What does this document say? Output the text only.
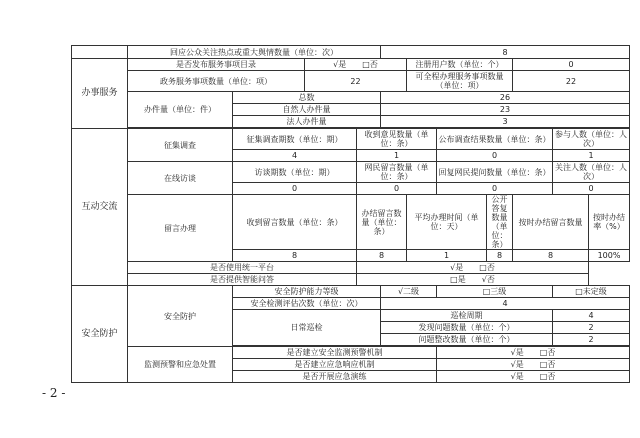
	回应公众关注热点或重大舆情数量（单位：次）				8						
办事服务	是否发布服务事项目录		√是　　□否			注册用户数（单位：个）			0		
	政务服务事项数量（单位：项）		22			可全程办理服务事项数量（单位：项）			22		
	办件量（单位：件）	总数			26						
		自然人办件量			23						
		法人办件量			3						

互动交流	征集调查	征集调查期数（单位：期）		收到意见数量（单位：条）			公布调查结果数量（单位：条）			参与人数（单位：人次）	
		4		1			0			1	
	在线访谈	访谈期数（单位：期）		网民留言数量（单位：条）			回复网民提问数量（单位：条）			关注人数（单位：人次）	
		0		0			0			0	
	留言办理	收到留言数量（单位：条）		办结留言数量（单位：条）		平均办理时间（单位：天）		公开答复数量（单位：条）	按时办结留言数量		按时办结率（%）
		8		8		1		8	8		100%
	是否使用统一平台			√是　　□否							
	是否提供智能问答			□是　　√否							
安全防护	安全防护	安全防护能力等级			√二级		□三级			□未定级	
		安全检测评估次数（单位：次）			4						
		日常巡检			巡检周期					4	
					发现问题数量（单位：个）					2	
					问题整改数量（单位：个）					2	

	监测预警和应急处置	是否建立安全监测预警机制					√是　　□否				
		是否建立应急响应机制					√是　　□否				
		是否开展应急演练					√是　　□否				
- 2 -
